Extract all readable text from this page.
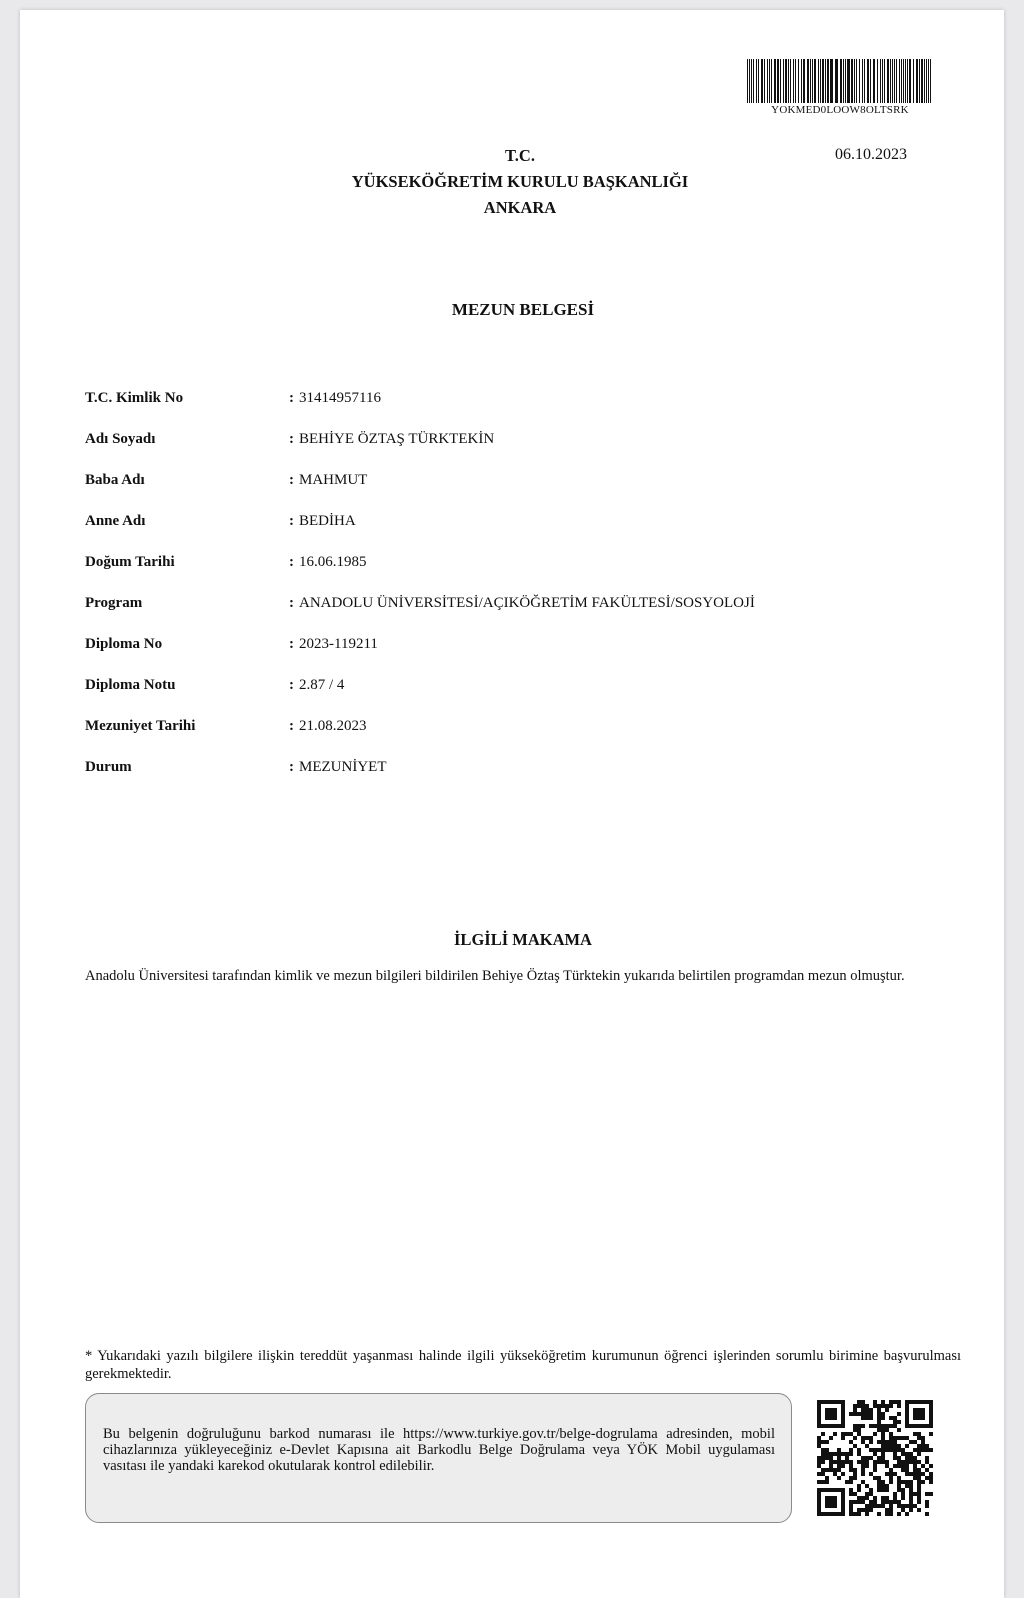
YOKMED0LOOW8OLTSRK
06.10.2023
T.C.
YÜKSEKÖĞRETİM KURULU BAŞKANLIĞI
ANKARA
MEZUN BELGESİ
T.C. Kimlik No	: 31414957116
Adı Soyadı	: BEHİYE ÖZTAŞ TÜRKTEKİN
Baba Adı	: MAHMUT
Anne Adı	: BEDİHA
Doğum Tarihi	: 16.06.1985
Program	: ANADOLU ÜNİVERSİTESİ/AÇIKÖĞRETİM FAKÜLTESİ/SOSYOLOJİ
Diploma No	: 2023-119211
Diploma Notu	: 2.87 / 4
Mezuniyet Tarihi	: 21.08.2023
Durum	: MEZUNİYET
İLGİLİ MAKAMA
Anadolu Üniversitesi tarafından kimlik ve mezun bilgileri bildirilen Behiye Öztaş Türktekin yukarıda belirtilen programdan mezun olmuştur.
* Yukarıdaki yazılı bilgilere ilişkin tereddüt yaşanması halinde ilgili yükseköğretim kurumunun öğrenci işlerinden sorumlu birimine başvurulması gerekmektedir.
Bu belgenin doğruluğunu barkod numarası ile https://www.turkiye.gov.tr/belge-dogrulama adresinden, mobil cihazlarınıza yükleyeceğiniz e-Devlet Kapısına ait Barkodlu Belge Doğrulama veya YÖK Mobil uygulaması vasıtası ile yandaki karekod okutularak kontrol edilebilir.
